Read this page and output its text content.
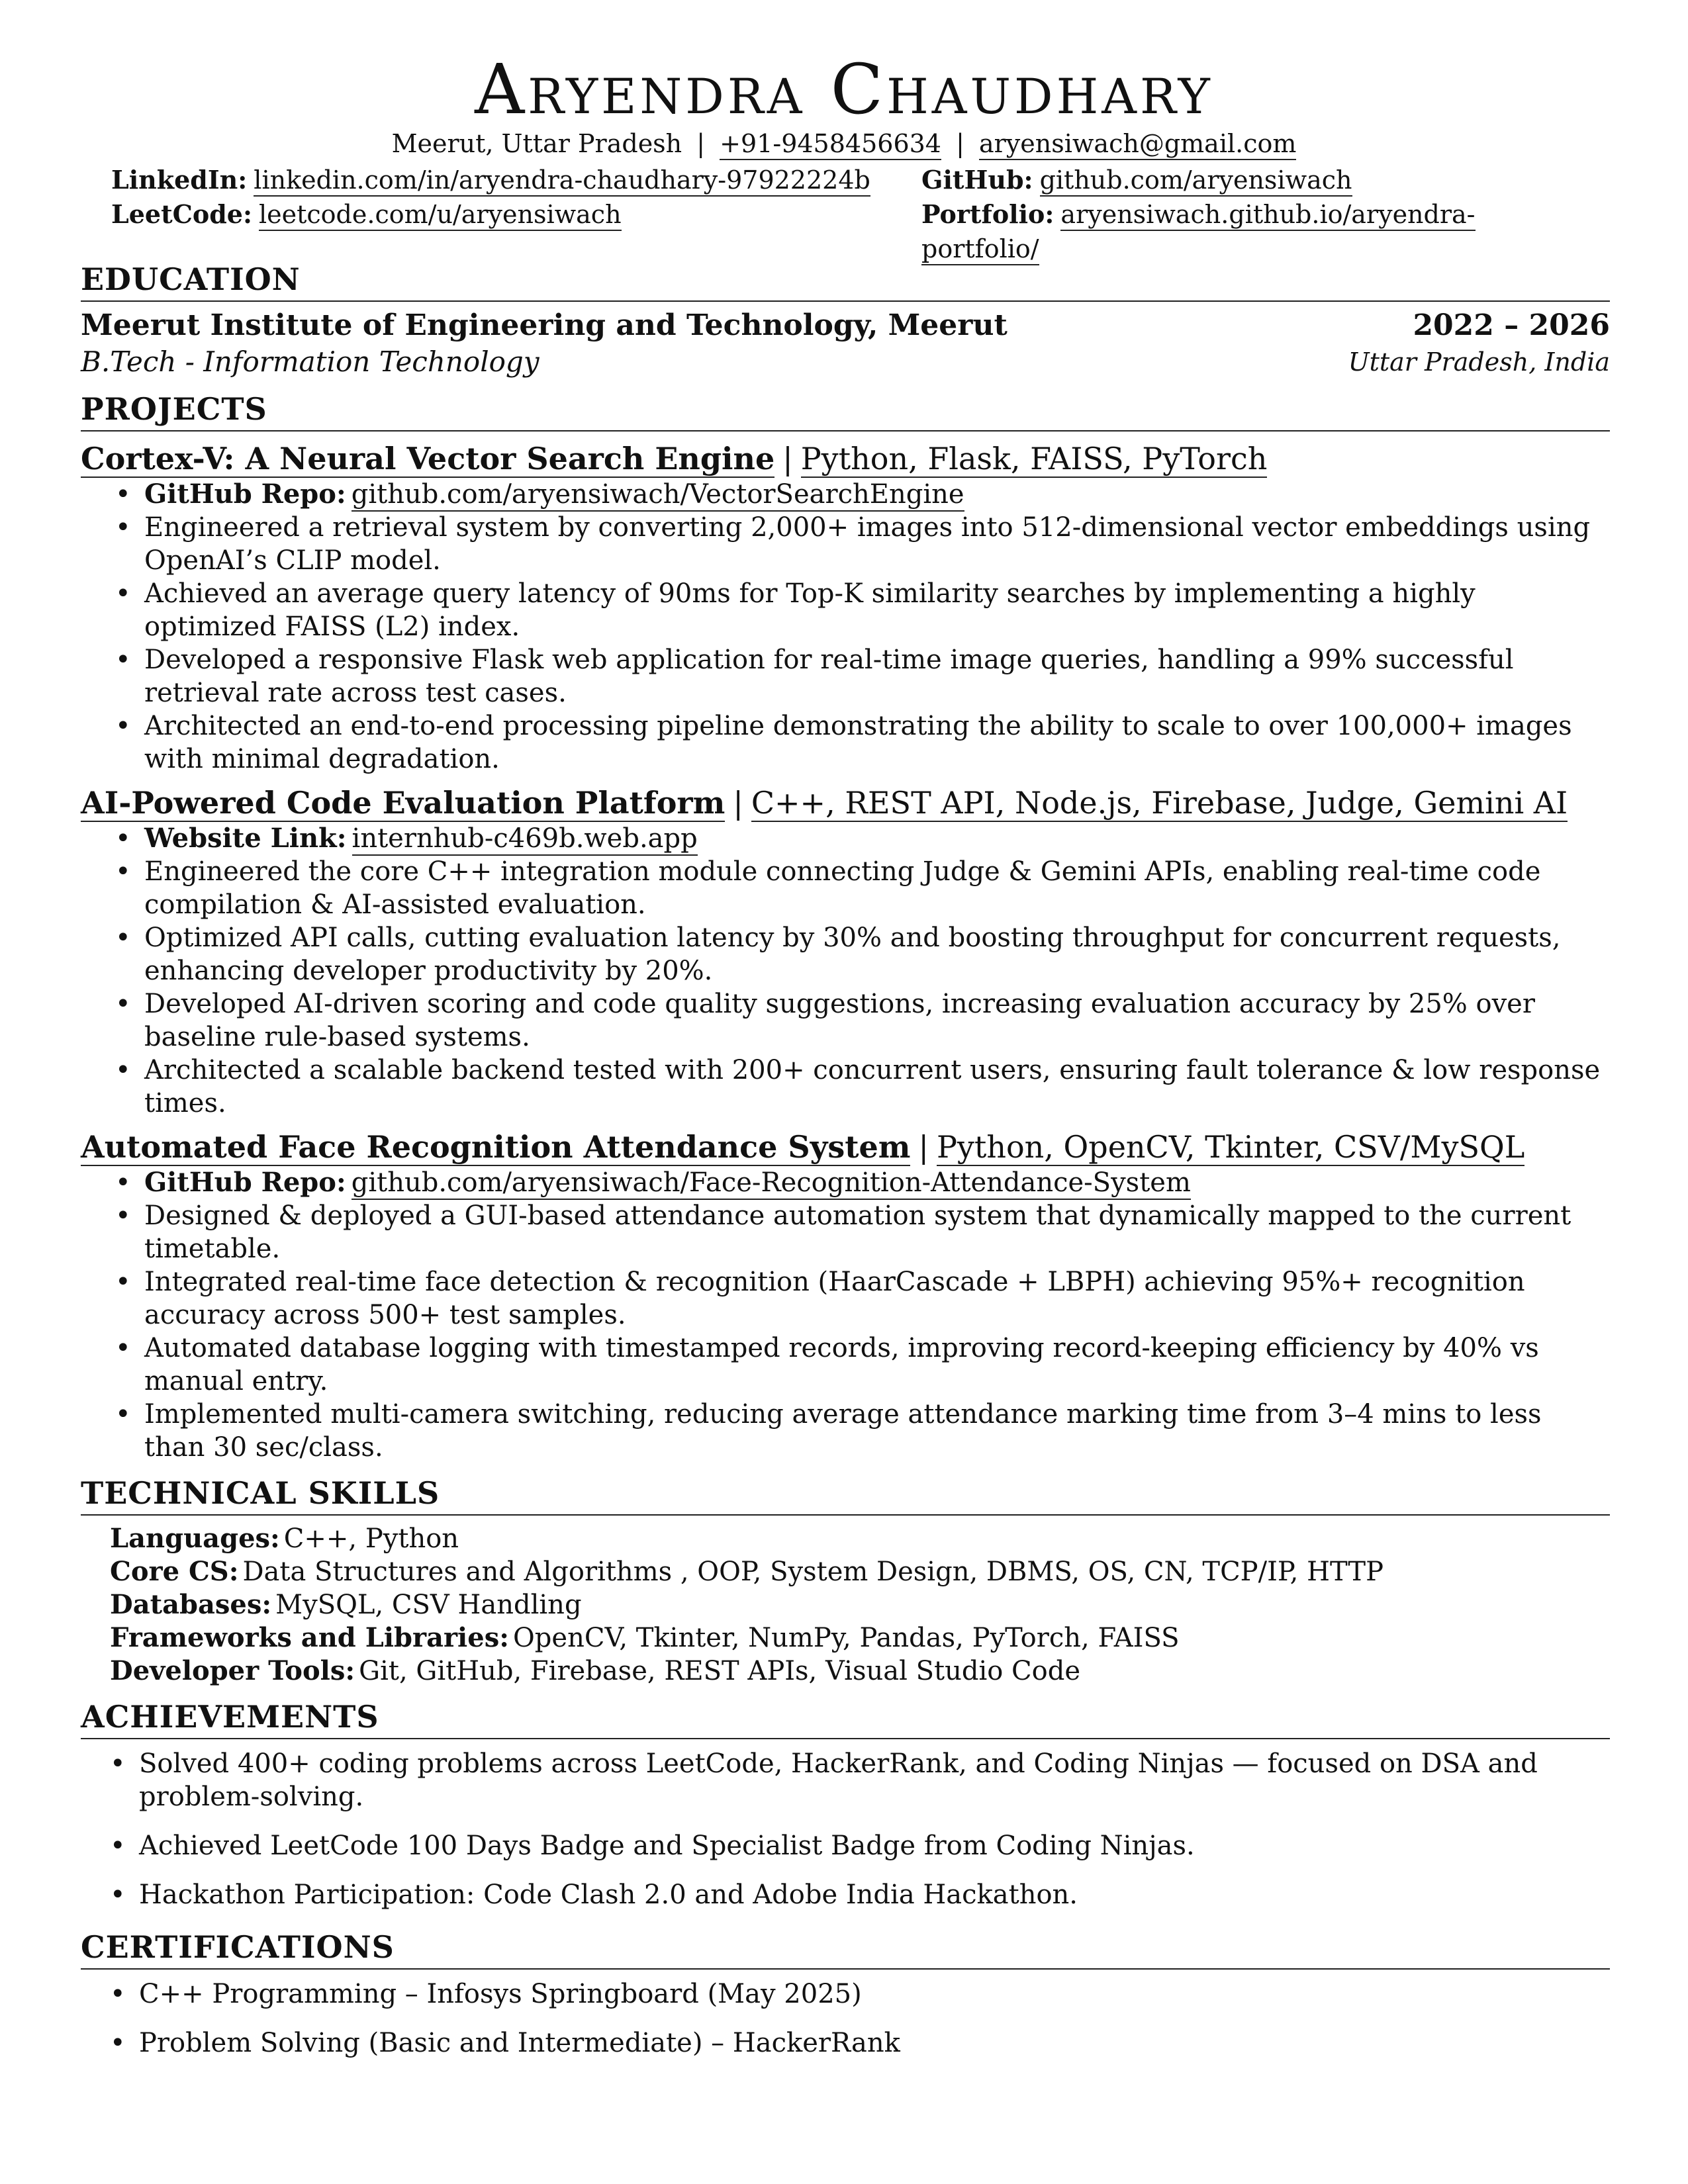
Aryendra Chaudhary
Meerut, Uttar Pradesh | +91-9458456634 | aryensiwach@gmail.com
LinkedIn: linkedin.com/in/aryendra-chaudhary-97922224b
LeetCode: leetcode.com/u/aryensiwach
GitHub: github.com/aryensiwach
Portfolio: aryensiwach.github.io/aryendra-portfolio/
EDUCATION
Meerut Institute of Engineering and Technology, Meerut	2022 – 2026
B.Tech - Information Technology	Uttar Pradesh, India
PROJECTS
Cortex-V: A Neural Vector Search Engine | Python, Flask, FAISS, PyTorch
• GitHub Repo: github.com/aryensiwach/VectorSearchEngine
• Engineered a retrieval system by converting 2,000+ images into 512-dimensional vector embeddings using OpenAI’s CLIP model.
• Achieved an average query latency of 90ms for Top-K similarity searches by implementing a highly optimized FAISS (L2) index.
• Developed a responsive Flask web application for real-time image queries, handling a 99% successful retrieval rate across test cases.
• Architected an end-to-end processing pipeline demonstrating the ability to scale to over 100,000+ images with minimal degradation.
AI-Powered Code Evaluation Platform | C++, REST API, Node.js, Firebase, Judge, Gemini AI
• Website Link: internhub-c469b.web.app
• Engineered the core C++ integration module connecting Judge & Gemini APIs, enabling real-time code compilation & AI-assisted evaluation.
• Optimized API calls, cutting evaluation latency by 30% and boosting throughput for concurrent requests, enhancing developer productivity by 20%.
• Developed AI-driven scoring and code quality suggestions, increasing evaluation accuracy by 25% over baseline rule-based systems.
• Architected a scalable backend tested with 200+ concurrent users, ensuring fault tolerance & low response times.
Automated Face Recognition Attendance System | Python, OpenCV, Tkinter, CSV/MySQL
• GitHub Repo: github.com/aryensiwach/Face-Recognition-Attendance-System
• Designed & deployed a GUI-based attendance automation system that dynamically mapped to the current timetable.
• Integrated real-time face detection & recognition (HaarCascade + LBPH) achieving 95%+ recognition accuracy across 500+ test samples.
• Automated database logging with timestamped records, improving record-keeping efficiency by 40% vs manual entry.
• Implemented multi-camera switching, reducing average attendance marking time from 3–4 mins to less than 30 sec/class.
TECHNICAL SKILLS
Languages: C++, Python
Core CS: Data Structures and Algorithms , OOP, System Design, DBMS, OS, CN, TCP/IP, HTTP
Databases: MySQL, CSV Handling
Frameworks and Libraries: OpenCV, Tkinter, NumPy, Pandas, PyTorch, FAISS
Developer Tools: Git, GitHub, Firebase, REST APIs, Visual Studio Code
ACHIEVEMENTS
• Solved 400+ coding problems across LeetCode, HackerRank, and Coding Ninjas — focused on DSA and problem-solving.
• Achieved LeetCode 100 Days Badge and Specialist Badge from Coding Ninjas.
• Hackathon Participation: Code Clash 2.0 and Adobe India Hackathon.
CERTIFICATIONS
• C++ Programming – Infosys Springboard (May 2025)
• Problem Solving (Basic and Intermediate) – HackerRank
